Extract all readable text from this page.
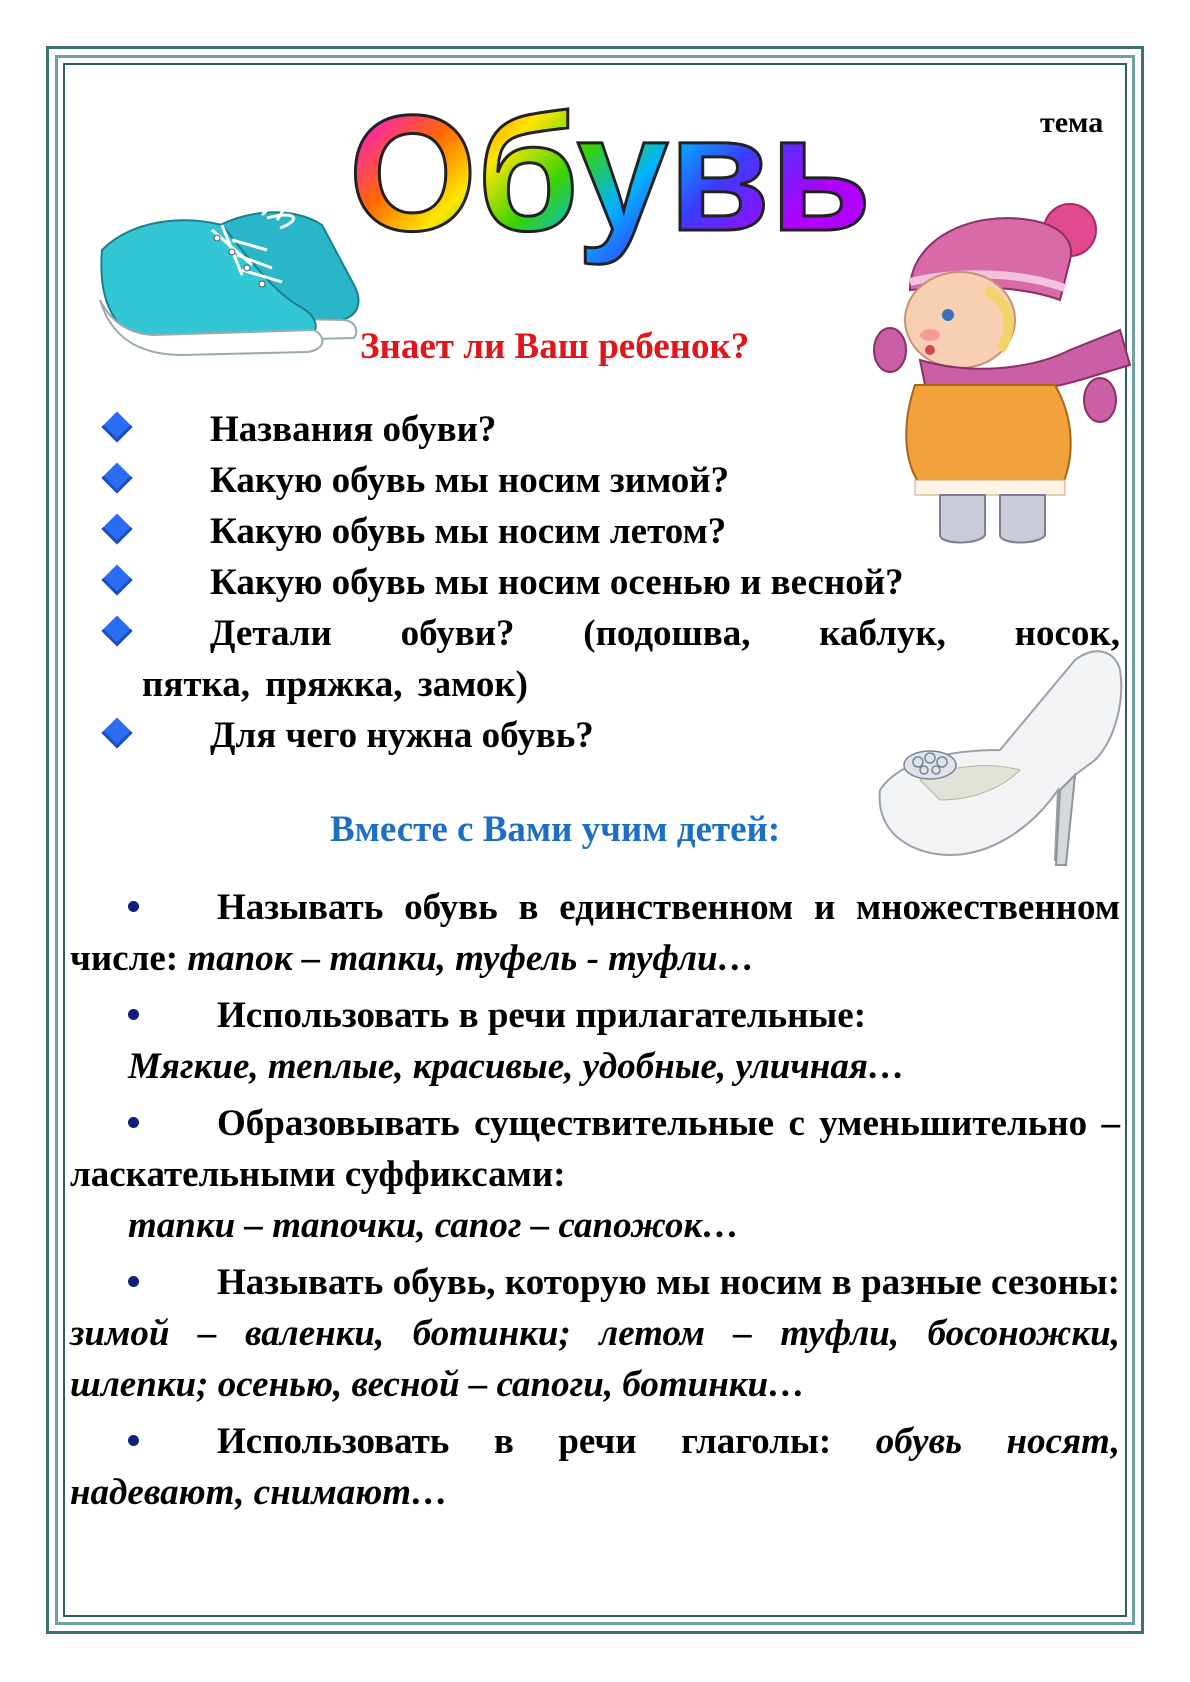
тема
Обувь
Знает ли Ваш ребенок?
Названия обуви?
Какую обувь мы носим зимой?
Какую обувь мы носим летом?
Какую обувь мы носим осенью и весной?
Детали обуви? (подошва, каблук, носок,
пятка, пряжка, замок)
Для чего нужна обувь?
Вместе с Вами учим детей:
Называть обувь в единственном и множественном числе: тапок – тапки, туфель - туфли…
Использовать в речи прилагательные:
Мягкие, теплые, красивые, удобные, уличная…
Образовывать существительные с уменьшительно – ласкательными суффиксами:
тапки – тапочки, сапог – сапожок…
Называть обувь, которую мы носим в разные сезоны: зимой – валенки, ботинки; летом – туфли, босоножки, шлепки; осенью, весной – сапоги, ботинки…
Использовать в речи глаголы: обувь носят, надевают, снимают…
